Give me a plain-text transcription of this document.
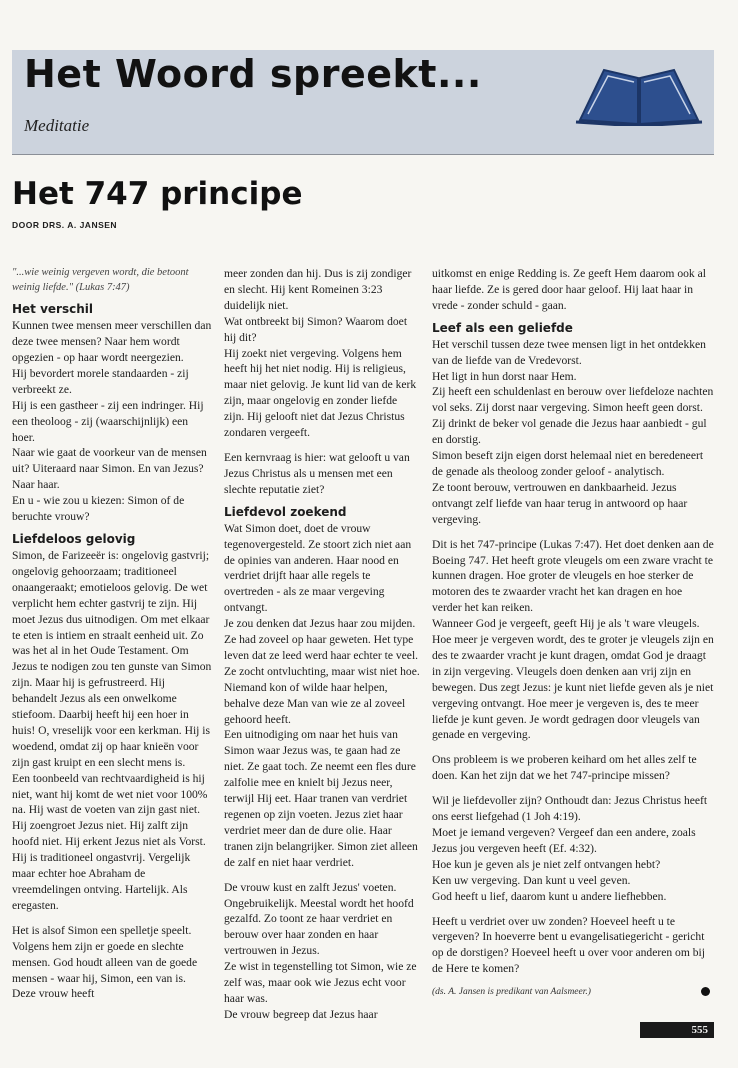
Het Woord spreekt...
Meditatie
Het 747 principe
DOOR DRS. A. JANSEN

"...wie weinig vergeven wordt, die betoont weinig liefde." (Lukas 7:47)

Het verschil

Kunnen twee mensen meer verschillen dan deze twee mensen? Naar hem wordt opgezien - op haar wordt neergezien.

Hij bevordert morele standaarden - zij verbreekt ze.

Hij is een gastheer - zij een indringer. Hij een theoloog - zij (waarschijnlijk) een hoer.

Naar wie gaat de voorkeur van de mensen uit? Uiteraard naar Simon. En van Jezus? Naar haar.

En u - wie zou u kiezen: Simon of de beruchte vrouw?

Liefdeloos gelovig

Simon, de Farizeeër is: ongelovig gastvrij; ongelovig gehoorzaam; traditioneel onaangeraakt; emotieloos gelovig. De wet verplicht hem echter gastvrij te zijn. Hij moet Jezus dus uitnodigen. Om met elkaar te eten is intiem en straalt eenheid uit. Zo was het al in het Oude Testament. Om Jezus te nodigen zou ten gunste van Simon zijn. Maar hij is gefrustreerd. Hij behandelt Jezus als een onwelkome stiefoom. Daarbij heeft hij een hoer in huis! O, vreselijk voor een kerkman. Hij is woedend, omdat zij op haar knieën voor zijn gast kruipt en een slecht mens is.

Een toonbeeld van rechtvaardigheid is hij niet, want hij komt de wet niet voor 100% na. Hij wast de voeten van zijn gast niet. Hij zoengroet Jezus niet. Hij zalft zijn hoofd niet. Hij erkent Jezus niet als Vorst. Hij is traditioneel ongastvrij. Vergelijk maar echter hoe Abraham de vreemdelingen ontving. Hartelijk. Als eregasten.

Het is alsof Simon een spelletje speelt. Volgens hem zijn er goede en slechte mensen. God houdt alleen van de goede mensen - waar hij, Simon, een van is. Deze vrouw heeft

meer zonden dan hij. Dus is zij zondiger en slecht. Hij kent Romeinen 3:23 duidelijk niet.

Wat ontbreekt bij Simon? Waarom doet hij dit?

Hij zoekt niet vergeving. Volgens hem heeft hij het niet nodig. Hij is religieus, maar niet gelovig. Je kunt lid van de kerk zijn, maar ongelovig en zonder liefde zijn. Hij gelooft niet dat Jezus Christus zondaren vergeeft.

Een kernvraag is hier: wat gelooft u van Jezus Christus als u mensen met een slechte reputatie ziet?

Liefdevol zoekend

Wat Simon doet, doet de vrouw tegenovergesteld. Ze stoort zich niet aan de opinies van anderen. Haar nood en verdriet drijft haar alle regels te overtreden - als ze maar vergeving ontvangt.

Je zou denken dat Jezus haar zou mijden. Ze had zoveel op haar geweten. Het type leven dat ze leed werd haar echter te veel. Ze zocht ontvluchting, maar wist niet hoe. Niemand kon of wilde haar helpen, behalve deze Man van wie ze al zoveel gehoord heeft.

Een uitnodiging om naar het huis van Simon waar Jezus was, te gaan had ze niet. Ze gaat toch. Ze neemt een fles dure zalfolie mee en knielt bij Jezus neer, terwijl Hij eet. Haar tranen van verdriet regenen op zijn voeten. Jezus ziet haar verdriet meer dan de dure olie. Haar tranen zijn belangrijker. Simon ziet alleen de zalf en niet haar verdriet.

De vrouw kust en zalft Jezus' voeten. Ongebruikelijk. Meestal wordt het hoofd gezalfd. Zo toont ze haar verdriet en berouw over haar zonden en haar vertrouwen in Jezus.

Ze wist in tegenstelling tot Simon, wie ze zelf was, maar ook wie Jezus echt voor haar was.

De vrouw begreep dat Jezus haar

uitkomst en enige Redding is. Ze geeft Hem daarom ook al haar liefde. Ze is gered door haar geloof. Hij laat haar in vrede - zonder schuld - gaan.

Leef als een geliefde

Het verschil tussen deze twee mensen ligt in het ontdekken van de liefde van de Vredevorst.

Het ligt in hun dorst naar Hem.

Zij heeft een schuldenlast en berouw over liefdeloze nachten vol seks. Zij dorst naar vergeving. Simon heeft geen dorst. Zij drinkt de beker vol genade die Jezus haar aanbiedt - gul en dorstig.

Simon beseft zijn eigen dorst helemaal niet en beredeneert de genade als theoloog zonder geloof - analytisch.

Ze toont berouw, vertrouwen en dankbaarheid. Jezus ontvangt zelf liefde van haar terug in antwoord op haar vergeving.

Dit is het 747-principe (Lukas 7:47). Het doet denken aan de Boeing 747. Het heeft grote vleugels om een zware vracht te kunnen dragen. Hoe groter de vleugels en hoe sterker de motoren des te zwaarder vracht het kan dragen en hoe verder het kan reiken.

Wanneer God je vergeeft, geeft Hij je als 't ware vleugels. Hoe meer je vergeven wordt, des te groter je vleugels zijn en des te zwaarder vracht je kunt dragen, omdat God je draagt in zijn vergeving. Vleugels doen denken aan vrij zijn en bewegen. Dus zegt Jezus: je kunt niet liefde geven als je niet vergeving ontvangt. Hoe meer je vergeven is, des te meer liefde je kunt geven. Je wordt gedragen door vleugels van genade en vergeving.

Ons probleem is we proberen keihard om het alles zelf te doen. Kan het zijn dat we het 747-principe missen?

Wil je liefdevoller zijn? Onthoudt dan: Jezus Christus heeft ons eerst liefgehad (1 Joh 4:19).

Moet je iemand vergeven? Vergeef dan een andere, zoals Jezus jou vergeven heeft (Ef. 4:32).

Hoe kun je geven als je niet zelf ontvangen hebt?

Ken uw vergeving. Dan kunt u veel geven.

God heeft u lief, daarom kunt u andere liefhebben.

Heeft u verdriet over uw zonden? Hoeveel heeft u te vergeven? In hoeverre bent u evangelisatiegericht - gericht op de dorstigen? Hoeveel heeft u over voor anderen om bij de Here te komen?

(ds. A. Jansen is predikant van Aalsmeer.)

555
